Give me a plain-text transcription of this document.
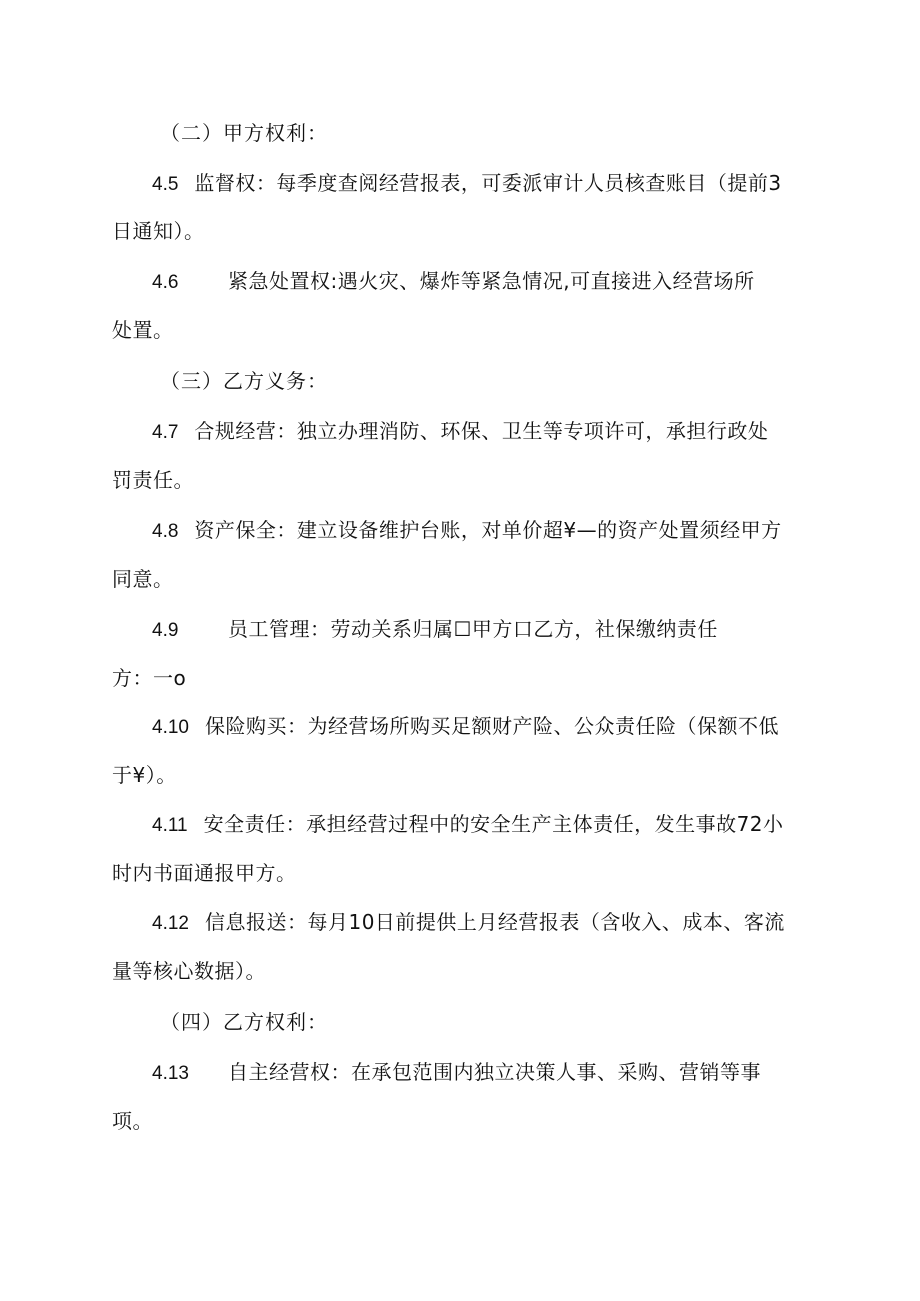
（二）甲方权利：
4.5 监督权：每季度查阅经营报表，可委派审计人员核查账目（提前3
日通知）。
4.6 紧急处置权:遇火灾、爆炸等紧急情况,可直接进入经营场所
处置。
（三）乙方义务：
4.7 合规经营：独立办理消防、环保、卫生等专项许可，承担行政处
罚责任。
4.8 资产保全：建立设备维护台账，对单价超¥—的资产处置须经甲方
同意。
4.9 员工管理：劳动关系归属☐甲方口乙方，社保缴纳责任
方：一o
4.10 保险购买：为经营场所购买足额财产险、公众责任险（保额不低
于¥）。
4.11 安全责任：承担经营过程中的安全生产主体责任，发生事故72小
时内书面通报甲方。
4.12 信息报送：每月10日前提供上月经营报表（含收入、成本、客流
量等核心数据）。
（四）乙方权利：
4.13 自主经营权：在承包范围内独立决策人事、采购、营销等事
项。
